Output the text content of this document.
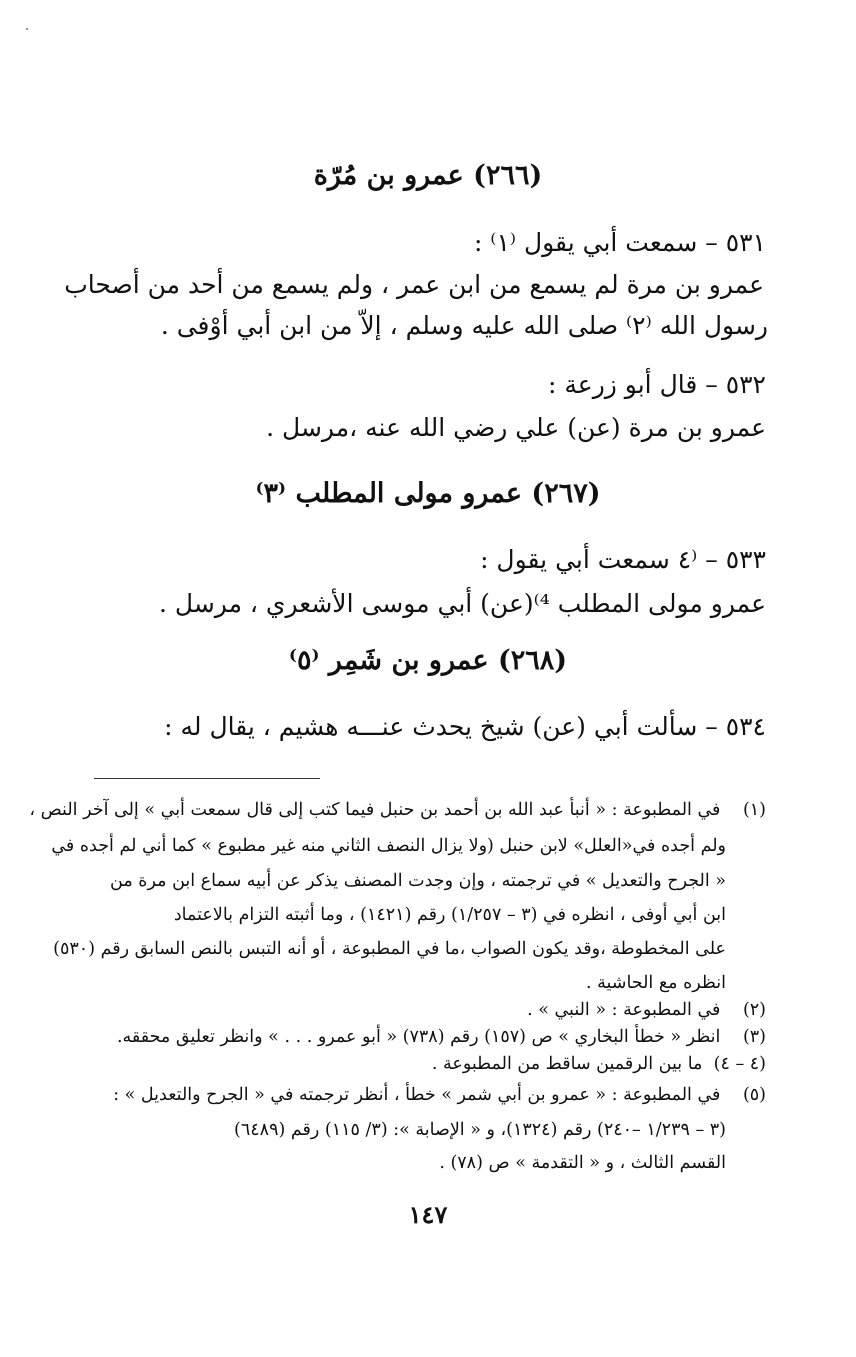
(٢٦٦) عمرو بن مُرّة
٥٣١ – سمعت أبي يقول ⁽١⁾ :
عمرو بن مرة لم يسمع من ابن عمر ، ولم يسمع من أحد من أصحاب
رسول الله ⁽٢⁾ صلى الله عليه وسلم ، إلاّ من ابن أبي أوْفى .
٥٣٢ – قال أبو زرعة :
عمرو بن مرة (عن) علي رضي الله عنه ،مرسل .
(٢٦٧) عمرو مولى المطلب ⁽٣⁾
٥٣٣ – ⁽٤ سمعت أبي يقول :
عمرو مولى المطلب ⁴⁾(عن) أبي موسى الأشعري ، مرسل .
(٢٦٨) عمرو بن شَمِر ⁽٥⁾
٥٣٤ – سألت أبي (عن) شيخ يحدث عنـــه هشيم ، يقال له :
(١) في المطبوعة : « أنبأ عبد الله بن أحمد بن حنبل فيما كتب إلى قال سمعت أبي » إلى آخر النص ،
ولم أجده في«العلل» لابن حنبل (ولا يزال النصف الثاني منه غير مطبوع » كما أني لم أجده في
« الجرح والتعديل » في ترجمته ، وإن وجدت المصنف يذكر عن أبيه سماع ابن مرة من
ابن أبي أوفى ، انظره في (٣ – ١/٢٥٧) رقم (١٤٢١) ، وما أثبته التزام بالاعتماد
على المخطوطة ،وقد يكون الصواب ،ما في المطبوعة ، أو أنه التبس بالنص السابق رقم (٥٣٠)
انظره مع الحاشية .
(٢) في المطبوعة : « النبي » .
(٣) انظر « خطأ البخاري » ص (١٥٧) رقم (٧٣٨) « أبو عمرو . . . » وانظر تعليق محققه.
(٤ – ٤) ما بين الرقمين ساقط من المطبوعة .
(٥) في المطبوعة : « عمرو بن أبي شمر » خطأ ، أنظر ترجمته في « الجرح والتعديل » :
(٣ – ١/٢٣٩ –٢٤٠) رقم (١٣٢٤)، و « الإصابة »: (٣/ ١١٥) رقم (٦٤٨٩)
القسم الثالث ، و « التقدمة » ص (٧٨) .
١٤٧
